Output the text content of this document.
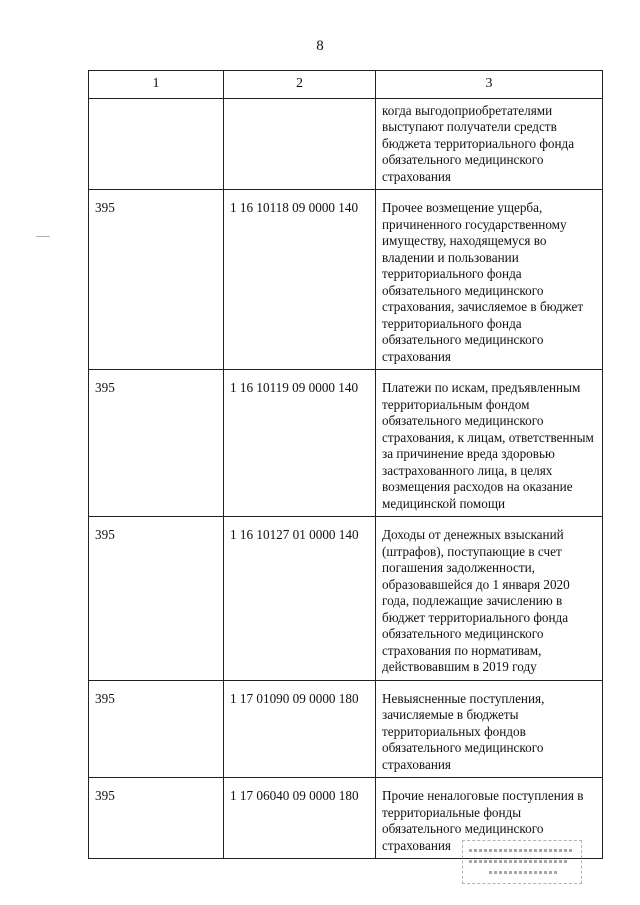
8
1	2	3
		когда выгодоприобретателями выступают получатели средств бюджета территориального фонда обязательного медицинского страхования
395	1 16 10118 09 0000 140	Прочее возмещение ущерба, причиненного государственному имуществу, находящемуся во владении и пользовании территориального фонда обязательного медицинского страхования, зачисляемое в бюджет территориального фонда обязательного медицинского страхования
395	1 16 10119 09 0000 140	Платежи по искам, предъявленным территориальным фондом обязательного медицинского страхования, к лицам, ответственным за причинение вреда здоровью застрахованного лица, в целях возмещения расходов на оказание медицинской помощи
395	1 16 10127 01 0000 140	Доходы от денежных взысканий (штрафов), поступающие в счет погашения задолженности, образовавшейся до 1 января 2020 года, подлежащие зачислению в бюджет территориального фонда обязательного медицинского страхования по нормативам, действовавшим в 2019 году
395	1 17 01090 09 0000 180	Невыясненные поступления, зачисляемые в бюджеты территориальных фондов обязательного медицинского страхования
395	1 17 06040 09 0000 180	Прочие неналоговые поступления в территориальные фонды обязательного медицинского страхования
